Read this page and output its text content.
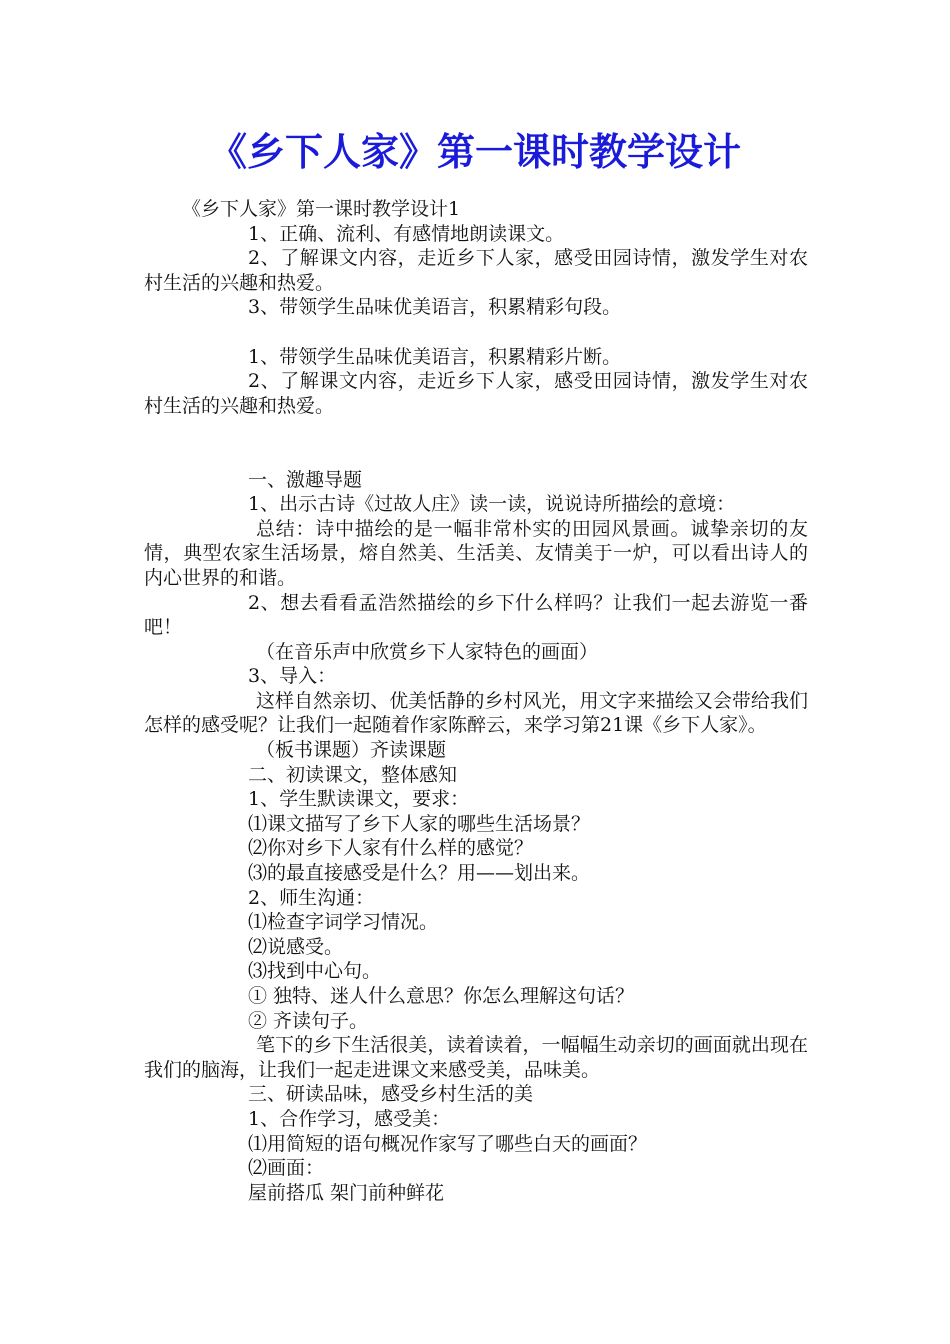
《乡下人家》第一课时教学设计

《乡下人家》第一课时教学设计1

1、正确、流利、有感情地朗读课文。

2、了解课文内容，走近乡下人家，感受田园诗情，激发学生对农村生活的兴趣和热爱。

3、带领学生品味优美语言，积累精彩句段。

1、带领学生品味优美语言，积累精彩片断。

2、了解课文内容，走近乡下人家，感受田园诗情，激发学生对农村生活的兴趣和热爱。

一、激趣导题

1、出示古诗《过故人庄》读一读，说说诗所描绘的意境：

总结：诗中描绘的是一幅非常朴实的田园风景画。诚挚亲切的友情，典型农家生活场景，熔自然美、生活美、友情美于一炉，可以看出诗人的内心世界的和谐。

2、想去看看孟浩然描绘的乡下什么样吗？让我们一起去游览一番吧！

（在音乐声中欣赏乡下人家特色的画面）

3、导入：

这样自然亲切、优美恬静的乡村风光，用文字来描绘又会带给我们怎样的感受呢？让我们一起随着作家陈醉云，来学习第21课《乡下人家》。

（板书课题）齐读课题

二、初读课文，整体感知

1、学生默读课文，要求：

⑴课文描写了乡下人家的哪些生活场景？

⑵你对乡下人家有什么样的感觉？

⑶的最直接感受是什么？用——划出来。

2、师生沟通：

⑴检查字词学习情况。

⑵说感受。

⑶找到中心句。

① 独特、迷人什么意思？你怎么理解这句话？

② 齐读句子。

笔下的乡下生活很美，读着读着，一幅幅生动亲切的画面就出现在我们的脑海，让我们一起走进课文来感受美，品味美。

三、研读品味，感受乡村生活的美

1、合作学习，感受美：

⑴用简短的语句概况作家写了哪些白天的画面？

⑵画面：

屋前搭瓜 架门前种鲜花
